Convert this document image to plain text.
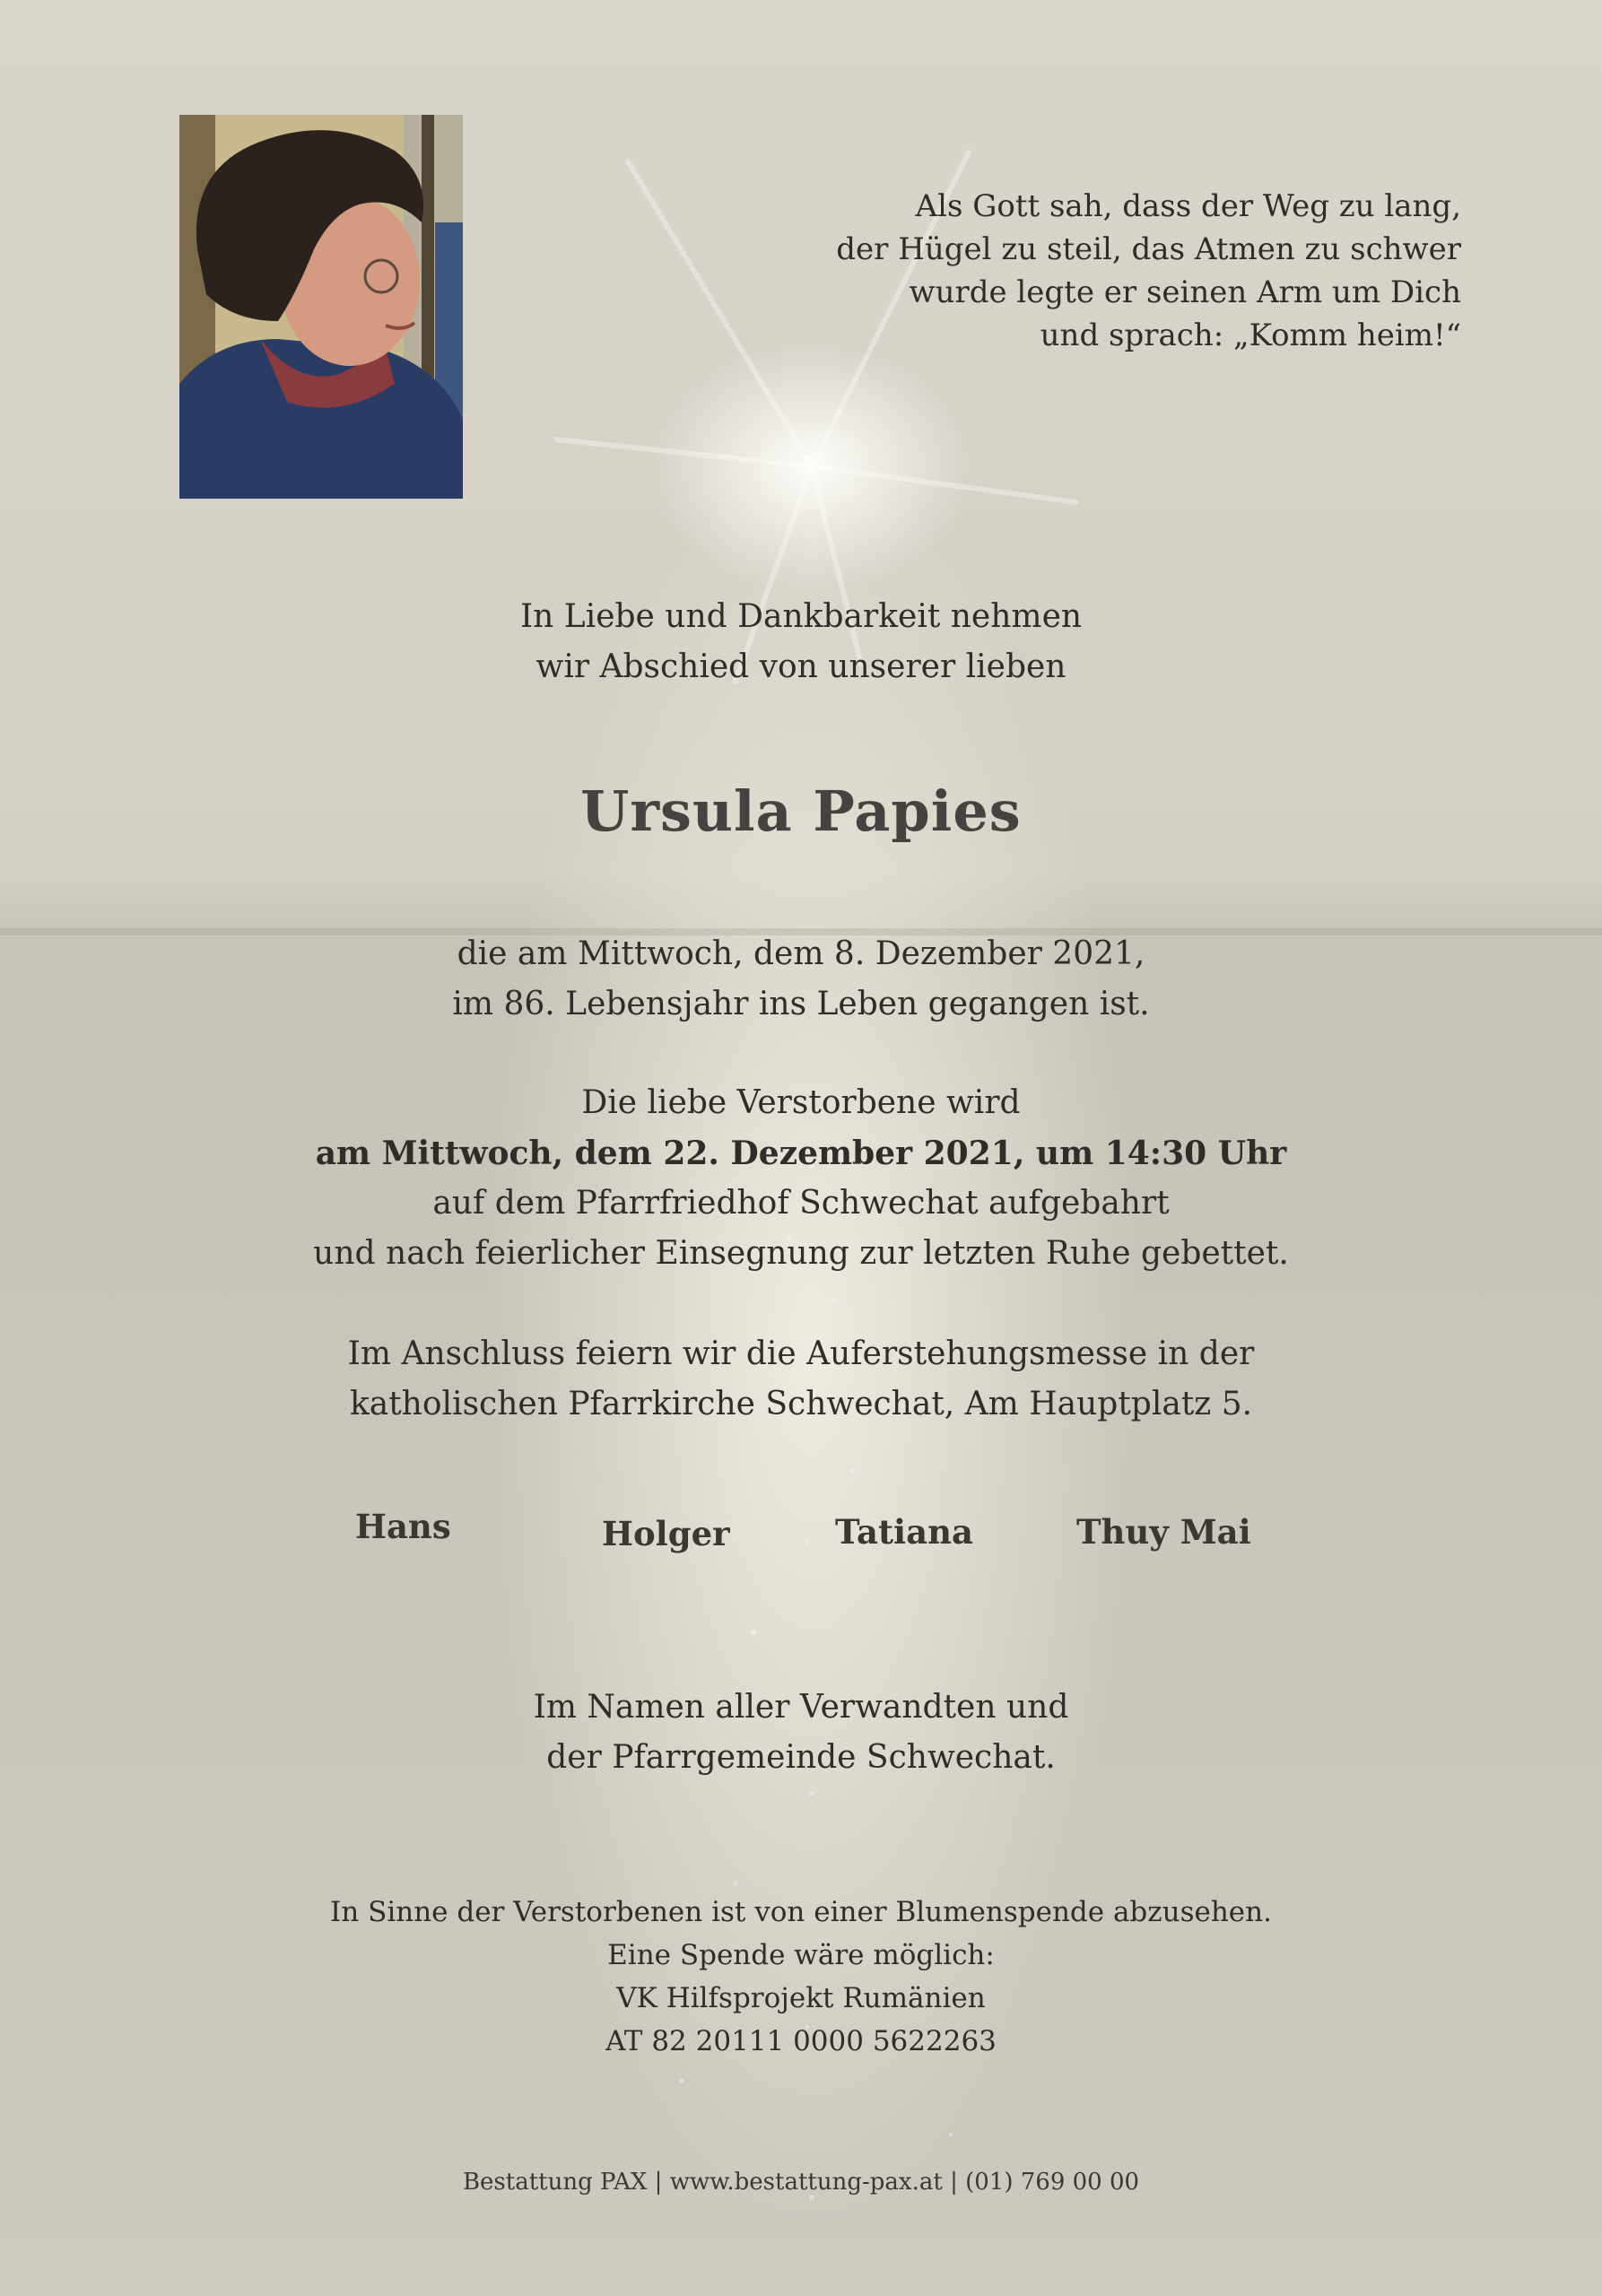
Als Gott sah, dass der Weg zu lang,
der Hügel zu steil, das Atmen zu schwer
wurde legte er seinen Arm um Dich
und sprach: „Komm heim!“
In Liebe und Dankbarkeit nehmen
wir Abschied von unserer lieben
Ursula Papies
die am Mittwoch, dem 8. Dezember 2021,
im 86. Lebensjahr ins Leben gegangen ist.
Die liebe Verstorbene wird
am Mittwoch, dem 22. Dezember 2021, um 14:30 Uhr
auf dem Pfarrfriedhof Schwechat aufgebahrt
und nach feierlicher Einsegnung zur letzten Ruhe gebettet.
Im Anschluss feiern wir die Auferstehungsmesse in der
katholischen Pfarrkirche Schwechat, Am Hauptplatz 5.
Hans	Holger	Tatiana	Thuy Mai
Im Namen aller Verwandten und
der Pfarrgemeinde Schwechat.
In Sinne der Verstorbenen ist von einer Blumenspende abzusehen.
Eine Spende wäre möglich:
VK Hilfsprojekt Rumänien
AT 82 20111 0000 5622263
Bestattung PAX | www.bestattung-pax.at | (01) 769 00 00
